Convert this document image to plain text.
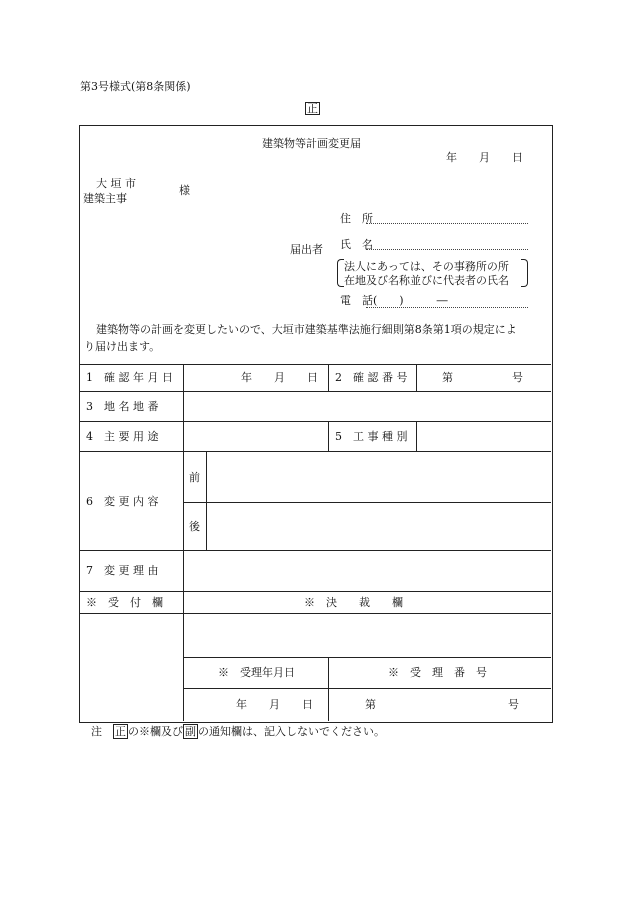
第3号様式(第8条関係)
正
建築物等計画変更届
年　　月　　日
大 垣 市
建築主事
様
住　所
届出者 氏　名
法人にあっては、その事務所の所
在地及び名称並びに代表者の氏名
電　話(　　)　　　―
建築物等の計画を変更したいので、大垣市建築基準法施行細則第8条第1項の規定によ
り届け出ます。
1　確 認 年 月 日	年　　月　　日 2　確 認 番 号	第	号
3　地 名 地 番
4　主 要 用 途	5　工 事 種 別
6　変 更 内 容
前
後
7　変 更 理 由
※　受　付　欄	※　決　　裁　　欄
※　受理年月日	※　受　理　番　号
年　　月　　日	第	号
注　 正 の※欄及び 副 の通知欄は、記入しないでください。
